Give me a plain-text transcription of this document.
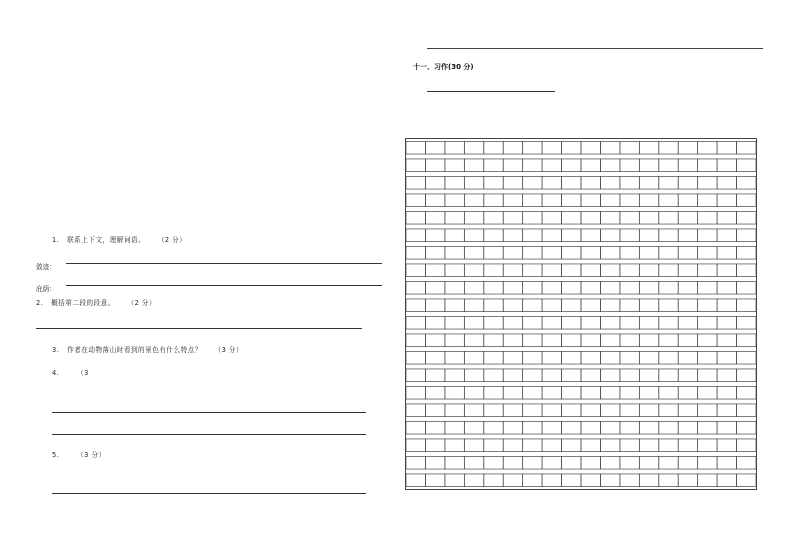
1. 联系上下文，理解词语。 （2 分）
敛迹：
庇荫：
2. 概括第二段的段意。 （2 分）
3. 作者在动物落山时看到的景色有什么特点？ （3 分）
4.	（3
5.	（3 分）
十一、习作(30 分)
